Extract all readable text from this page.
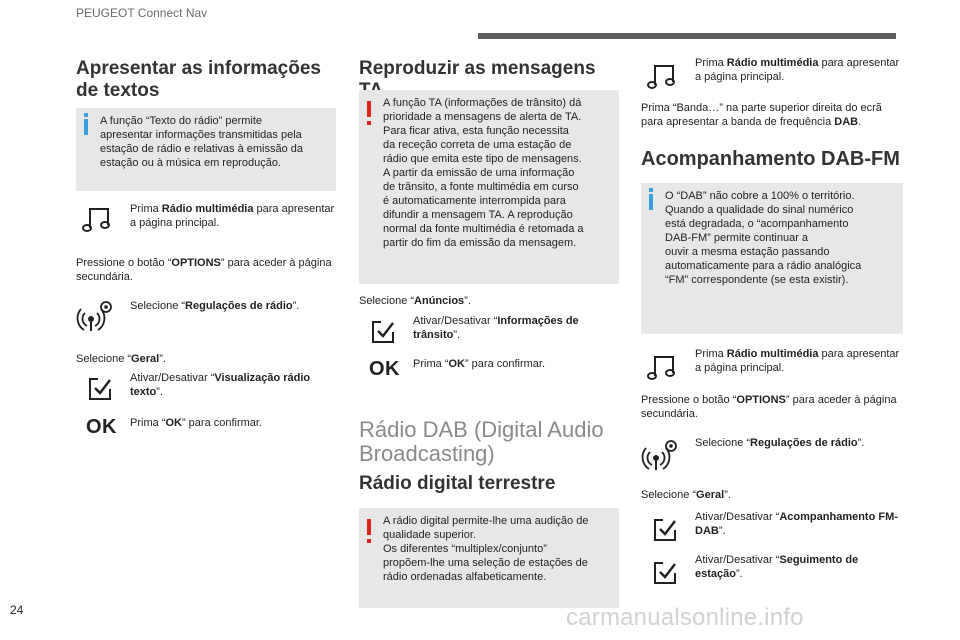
PEUGEOT Connect Nav
Apresentar as informações
de textos

A função “Texto do rádio” permite
apresentar informações transmitidas pela
estação de rádio e relativas à emissão da
estação ou à música em reprodução.

Prima Rádio multimédia para apresentar a página principal.

Pressione o botão “OPTIONS” para aceder à página secundária.

Selecione “Regulações de rádio”.

Selecione “Geral”.

Ativar/Desativar “Visualização rádio texto”.
OK	Prima “OK” para confirmar.
Reproduzir as mensagens

A função TA (informações de trânsito) dá
prioridade a mensagens de alerta de TA.
Para ficar ativa, esta função necessita
da receção correta de uma estação de
rádio que emita este tipo de mensagens.
A partir da emissão de uma informação
de trânsito, a fonte multimédia em curso
é automaticamente interrompida para
difundir a mensagem TA. A reprodução
normal da fonte multimédia é retomada a
partir do fim da emissão da mensagem.

Selecione “Anúncios”.

Ativar/Desativar “Informações de trânsito”.
OK	Prima “OK” para confirmar.
Rádio DAB (Digital Audio
Broadcasting)
Rádio digital terrestre

A rádio digital permite-lhe uma audição de
qualidade superior.
Os diferentes “multiplex/conjunto”
propõem-lhe uma seleção de estações de
rádio ordenadas alfabeticamente.

Prima Rádio multimédia para apresentar a página principal.

Prima “Banda…” na parte superior direita do ecrã para apresentar a banda de frequência DAB.

Acompanhamento DAB-FM

O “DAB” não cobre a 100% o território.
Quando a qualidade do sinal numérico
está degradada, o “acompanhamento
DAB-FM” permite continuar a
ouvir a mesma estação passando
automaticamente para a rádio analógica
“FM” correspondente (se esta existir).

Prima Rádio multimédia para apresentar a página principal.

Pressione o botão “OPTIONS” para aceder à página secundária.

Selecione “Regulações de rádio”.

Selecione “Geral”.

Ativar/Desativar “Acompanhamento FM-DAB”.
Ativar/Desativar “Seguimento de estação”.
24	carmanualsonline.info
